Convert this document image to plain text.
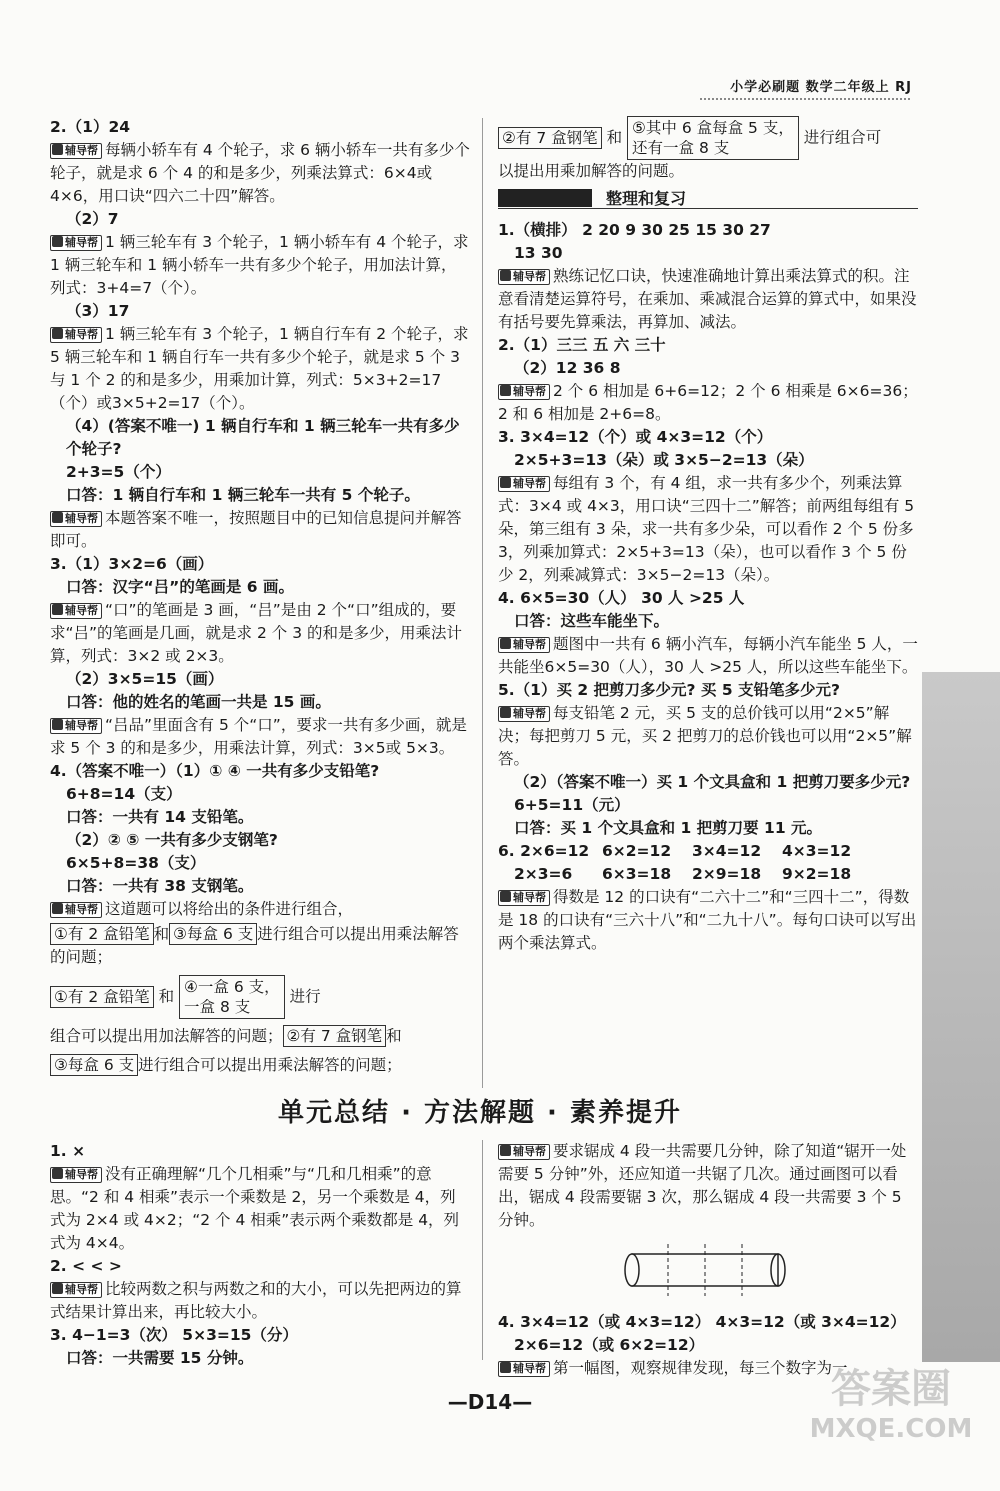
小学必刷题 数学二年级上 RJ

2.（1）24

辅导帮 每辆小轿车有 4 个轮子，求 6 辆小轿车一共有多少个轮子，就是求 6 个 4 的和是多少，列乘法算式：6×4或4×6，用口诀“四六二十四”解答。

（2）7

辅导帮 1 辆三轮车有 3 个轮子，1 辆小轿车有 4 个轮子，求 1 辆三轮车和 1 辆小轿车一共有多少个轮子，用加法计算，列式：3+4=7（个）。

（3）17

辅导帮 1 辆三轮车有 3 个轮子，1 辆自行车有 2 个轮子，求 5 辆三轮车和 1 辆自行车一共有多少个轮子，就是求 5 个 3 与 1 个 2 的和是多少，用乘加计算，列式：5×3+2=17（个）或3×5+2=17（个）。

（4）(答案不唯一) 1 辆自行车和 1 辆三轮车一共有多少个轮子?

2+3=5（个）

口答：1 辆自行车和 1 辆三轮车一共有 5 个轮子。

辅导帮 本题答案不唯一，按照题目中的已知信息提问并解答即可。

3.（1）3×2=6（画）

口答：汉字“吕”的笔画是 6 画。

辅导帮 “口”的笔画是 3 画，“吕”是由 2 个“口”组成的，要求“吕”的笔画是几画，就是求 2 个 3 的和是多少，用乘法计算，列式：3×2 或 2×3。

（2）3×5=15（画）

口答：他的姓名的笔画一共是 15 画。

辅导帮 “吕品”里面含有 5 个“口”，要求一共有多少画，就是求 5 个 3 的和是多少，用乘法计算，列式：3×5或 5×3。

4.（答案不唯一）（1）① ④ 一共有多少支铅笔?

6+8=14（支）

口答：一共有 14 支铅笔。

（2）② ⑤ 一共有多少支钢笔?

6×5+8=38（支）

口答：一共有 38 支钢笔。

辅导帮 这道题可以将给出的条件进行组合，

①有 2 盒铅笔 和 ③每盒 6 支 进行组合可以提出用乘法解答的问题；

①有 2 盒铅笔 和 ④一盒 6 支，
一盒 8 支 进行

组合可以提出用加法解答的问题； ②有 7 盒钢笔 和

③每盒 6 支 进行组合可以提出用乘法解答的问题；

②有 7 盒钢笔 和 ⑤其中 6 盒每盒 5 支，
还有一盒 8 支 进行组合可

以提出用乘加解答的问题。

整理和复习

1.（横排） 2 20 9 30 25 15 30 27

13 30

辅导帮 熟练记忆口诀，快速准确地计算出乘法算式的积。注意看清楚运算符号，在乘加、乘减混合运算的算式中，如果没有括号要先算乘法，再算加、减法。

2.（1）三三 五 六 三十

（2）12 36 8

辅导帮 2 个 6 相加是 6+6=12；2 个 6 相乘是 6×6=36；2 和 6 相加是 2+6=8。

3. 3×4=12（个）或 4×3=12（个）

2×5+3=13（朵）或 3×5−2=13（朵）

辅导帮 每组有 3 个，有 4 组，求一共有多少个，列乘法算式：3×4 或 4×3，用口诀“三四十二”解答；前两组每组有 5 朵，第三组有 3 朵，求一共有多少朵，可以看作 2 个 5 份多 3，列乘加算式：2×5+3=13（朵），也可以看作 3 个 5 份少 2，列乘减算式：3×5−2=13（朵）。

4. 6×5=30（人） 30 人 >25 人

口答：这些车能坐下。

辅导帮 题图中一共有 6 辆小汽车，每辆小汽车能坐 5 人，一共能坐6×5=30（人），30 人 >25 人，所以这些车能坐下。

5.（1）买 2 把剪刀多少元? 买 5 支铅笔多少元?

辅导帮 每支铅笔 2 元，买 5 支的总价钱可以用“2×5”解决；每把剪刀 5 元，买 2 把剪刀的总价钱也可以用“2×5”解答。

（2）（答案不唯一）买 1 个文具盒和 1 把剪刀要多少元?

6+5=11（元）

口答：买 1 个文具盒和 1 把剪刀要 11 元。

6. 2×6=12 6×2=12 3×4=12 4×3=12

2×3=6 6×3=18 2×9=18 9×2=18

辅导帮 得数是 12 的口诀有“二六十二”和“三四十二”，得数是 18 的口诀有“三六十八”和“二九十八”。每句口诀可以写出两个乘法算式。

单元总结 · 方法解题 · 素养提升

1. ×

辅导帮 没有正确理解“几个几相乘”与“几和几相乘”的意思。“2 和 4 相乘”表示一个乘数是 2，另一个乘数是 4，列式为 2×4 或 4×2；“2 个 4 相乘”表示两个乘数都是 4，列式为 4×4。

2. < < >

辅导帮 比较两数之积与两数之和的大小，可以先把两边的算式结果计算出来，再比较大小。

3. 4−1=3（次） 5×3=15（分）

口答：一共需要 15 分钟。

辅导帮 要求锯成 4 段一共需要几分钟，除了知道“锯开一处需要 5 分钟”外，还应知道一共锯了几次。通过画图可以看出，锯成 4 段需要锯 3 次，那么锯成 4 段一共需要 3 个 5 分钟。

4. 3×4=12（或 4×3=12） 4×3=12（或 3×4=12）

2×6=12（或 6×2=12）

辅导帮 第一幅图，观察规律发现，每三个数字为一

—D14—	答案圈
MXQE.COM
